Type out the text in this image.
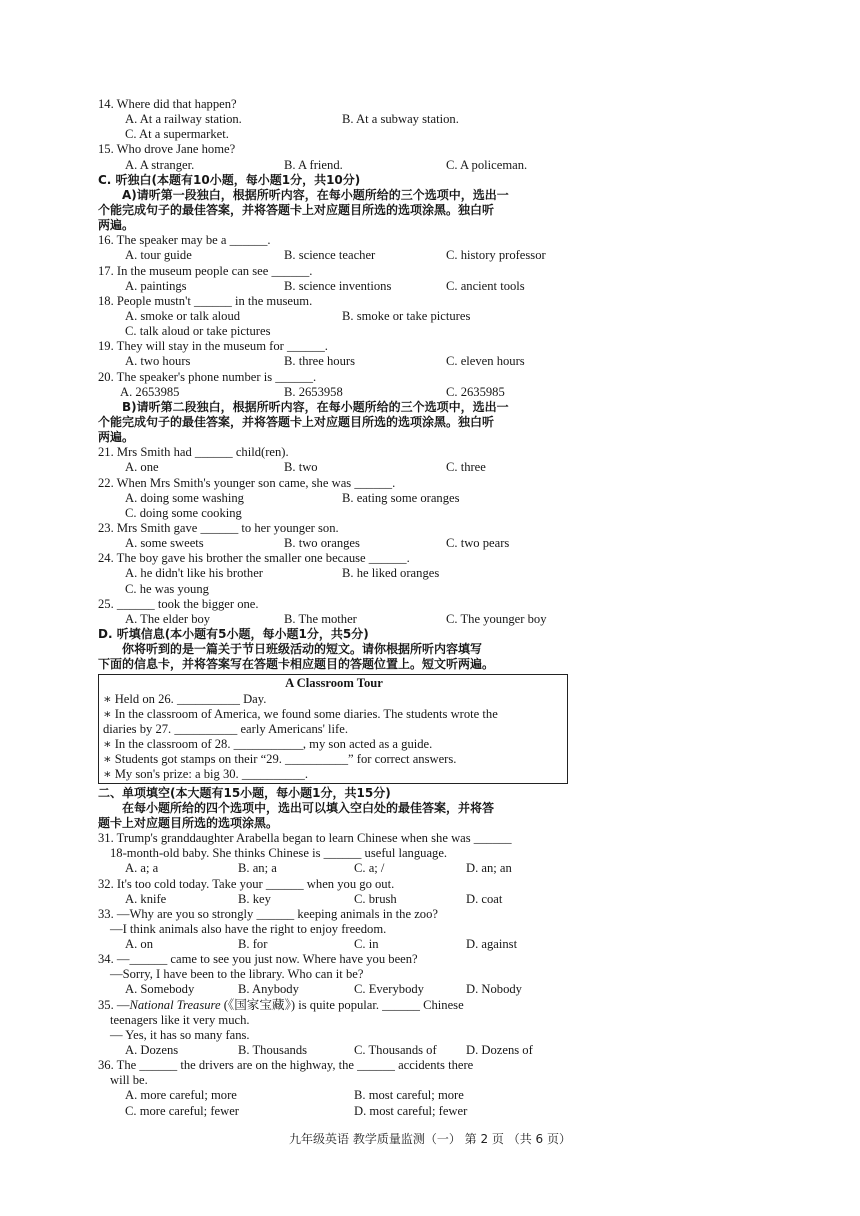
14. Where did that happen?
A. At a railway station.	B. At a subway station.
C. At a supermarket.
15. Who drove Jane home?
A. A stranger.	B. A friend.	C. A policeman.
C. 听独白(本题有10小题，每小题1分，共10分)
A)请听第一段独白，根据所听内容，在每小题所给的三个选项中，选出一
个能完成句子的最佳答案，并将答题卡上对应题目所选的选项涂黑。独白听
两遍。
16. The speaker may be a ______.
A. tour guide	B. science teacher	C. history professor
17. In the museum people can see ______.
A. paintings	B. science inventions	C. ancient tools
18. People mustn't ______ in the museum.
A. smoke or talk aloud	B. smoke or take pictures
C. talk aloud or take pictures
19. They will stay in the museum for ______.
A. two hours	B. three hours	C. eleven hours
20. The speaker's phone number is ______.
A. 2653985	B. 2653958	C. 2635985
B)请听第二段独白，根据所听内容，在每小题所给的三个选项中，选出一
个能完成句子的最佳答案，并将答题卡上对应题目所选的选项涂黑。独白听
两遍。
21. Mrs Smith had ______ child(ren).
A. one	B. two	C. three
22. When Mrs Smith's younger son came, she was ______.
A. doing some washing	B. eating some oranges
C. doing some cooking
23. Mrs Smith gave ______ to her younger son.
A. some sweets	B. two oranges	C. two pears
24. The boy gave his brother the smaller one because ______.
A. he didn't like his brother	B. he liked oranges
C. he was young
25. ______ took the bigger one.
A. The elder boy	B. The mother	C. The younger boy
D. 听填信息(本小题有5小题，每小题1分，共5分)
你将听到的是一篇关于节日班级活动的短文。请你根据所听内容填写
下面的信息卡，并将答案写在答题卡相应题目的答题位置上。短文听两遍。
A Classroom Tour
∗ Held on 26. __________ Day.
∗ In the classroom of America, we found some diaries. The students wrote the
diaries by 27. __________ early Americans' life.
∗ In the classroom of 28. ___________, my son acted as a guide.
∗ Students got stamps on their “29. __________” for correct answers.
∗ My son's prize: a big 30. __________.
二、单项填空(本大题有15小题，每小题1分，共15分)
在每小题所给的四个选项中，选出可以填入空白处的最佳答案，并将答
题卡上对应题目所选的选项涂黑。
31. Trump's granddaughter Arabella began to learn Chinese when she was ______
18-month-old baby. She thinks Chinese is ______ useful language.
A. a; a	B. an; a	C. a; /	D. an; an
32. It's too cold today. Take your ______ when you go out.
A. knife	B. key	C. brush	D. coat
33. —Why are you so strongly ______ keeping animals in the zoo?
—I think animals also have the right to enjoy freedom.
A. on	B. for	C. in	D. against
34. —______ came to see you just now. Where have you been?
—Sorry, I have been to the library. Who can it be?
A. Somebody	B. Anybody	C. Everybody	D. Nobody
35. —National Treasure (《国家宝藏》) is quite popular. ______ Chinese
teenagers like it very much.
— Yes, it has so many fans.
A. Dozens	B. Thousands	C. Thousands of D. Dozens of
36. The ______ the drivers are on the highway, the ______ accidents there
will be.
A. more careful; more	B. most careful; more
C. more careful; fewer	D. most careful; fewer
九年级英语 教学质量监测（一） 第 2 页 （共 6 页）
